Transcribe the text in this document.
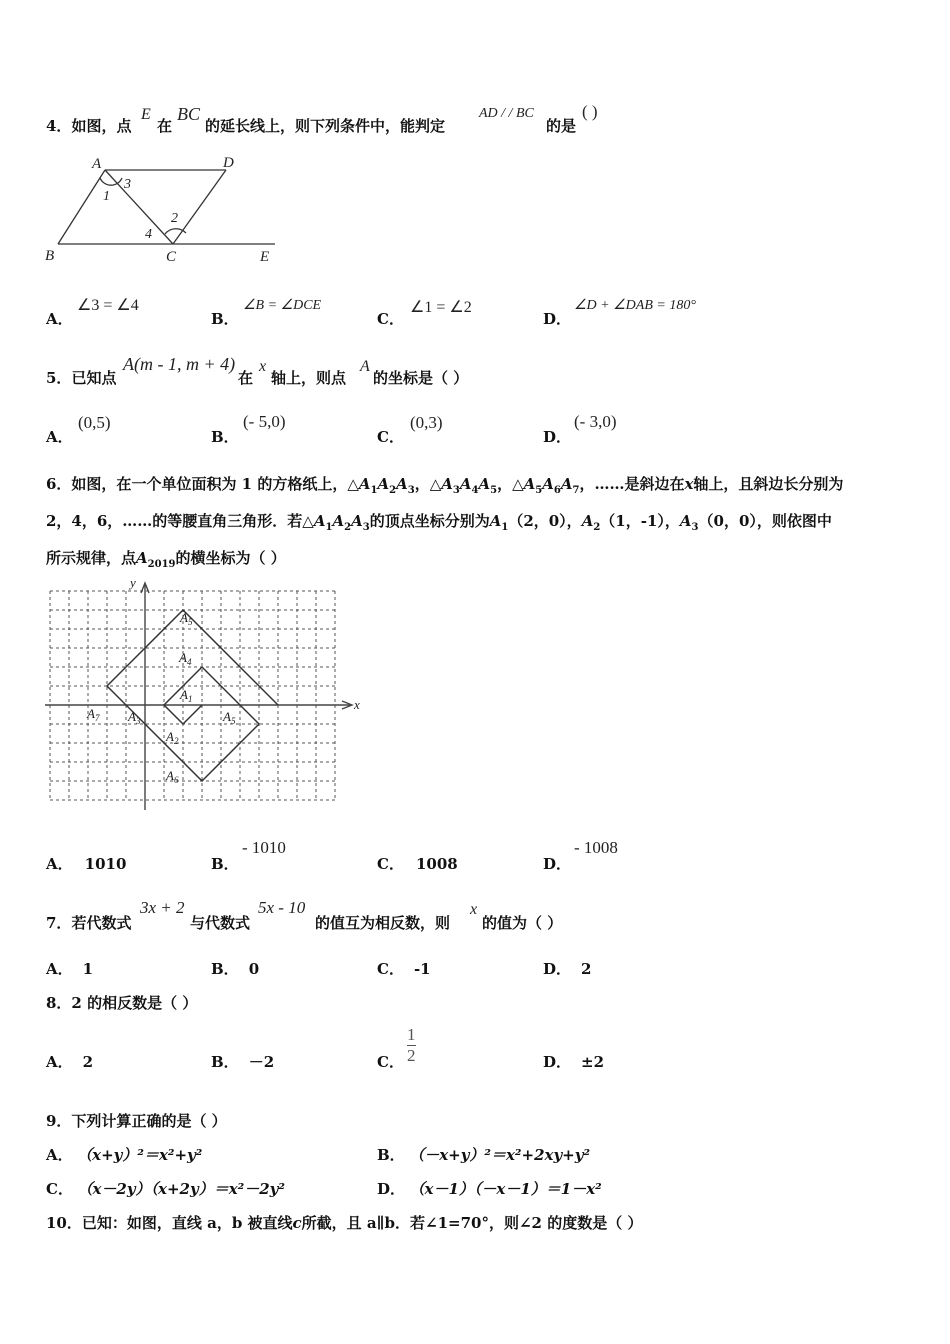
4．如图，点
E
在
BC
的延长线上，则下列条件中，能判定
AD / / BC
的是
( )
A	D
B	C	E
1
3
2
4
A．
∠3 = ∠4
B．
∠B = ∠DCE
C．
∠1 = ∠2
D．
∠D + ∠DAB = 180°
5．已知点
A(m - 1, m + 4)
在
x
轴上，则点
A
的坐标是（ ）
A．
(0,5)
B．
(- 5,0)
C．
(0,3)
D．
(- 3,0)
6．如图，在一个单位面积为 1 的方格纸上，$\triangle A_1A_2A_3$，$\triangle A_3A_4A_5$，$\triangle A_5A_6A_7$，……是斜边在x轴上，且斜边长分别为
2，4，6，……的等腰直角三角形．若$\triangle A_1A_2A_3$的顶点坐标分别为$A_1(2$，0），$A_2(1$，-1），$A_3(0$，0），则依图中
所示规律，点$A_{2019}$的横坐标为（ ）
x
y
$A_1$
$A_2$
$A_3$
$A_4$
$A_5$
$A_6$
$A_7$
$A_5$
A． 1010	B．
- 1010
C． 1008	D．
- 1008
7．若代数式
3x + 2
与代数式
5x - 10
的值互为相反数，则
x
的值为（ ）
A． 1	B． 0	C． -1	D． 2
8．2 的相反数是（ ）
A． 2	B． －2	C． $\frac{1}{2}$	D． ±2
9．下列计算正确的是（ ）
A． （x+y）²＝x²+y²	B． （－x+y）²＝x²+2xy+y²
C． （x－2y）（x+2y）＝x²－2y²	D． （x－1）（－x－1）＝1－x²
10．已知：如图，直线 a，b 被直线c所截，且 a∥b．若∠1=70°，则∠2 的度数是（ ）
